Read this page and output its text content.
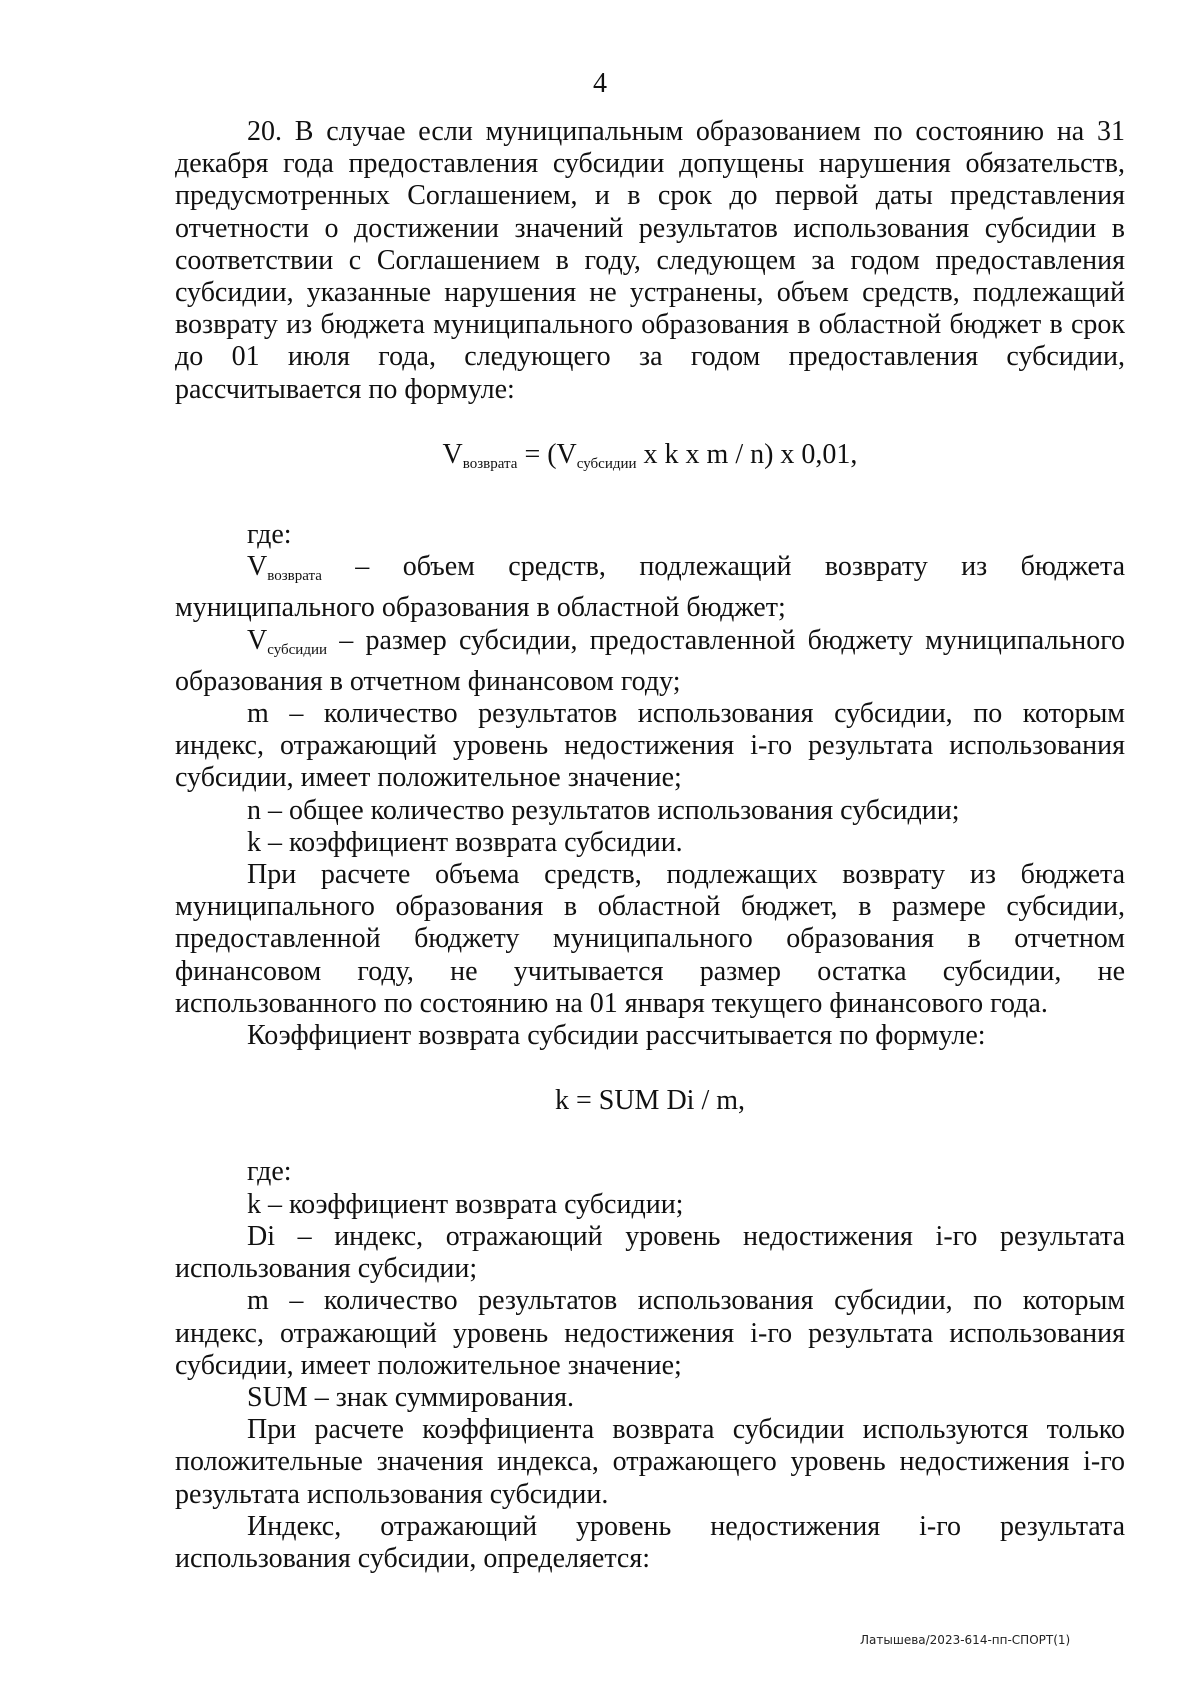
4

20. В случае если муниципальным образованием по состоянию на 31 декабря года предоставления субсидии допущены нарушения обязательств, предусмотренных Соглашением, и в срок до первой даты представления отчетности о достижении значений результатов использования субсидии в соответствии с Соглашением в году, следующем за годом предоставления субсидии, указанные нарушения не устранены, объем средств, подлежащий возврату из бюджета муниципального образования в областной бюджет в срок до 01 июля года, следующего за годом предоставления субсидии, рассчитывается по формуле:

$V_{возврата} = (V_{субсидии}$ x k x m / n) x 0,01,

где:

$V_{возврата}$ – объем средств, подлежащий возврату из бюджета муниципального образования в областной бюджет;

$V_{субсидии}$ – размер субсидии, предоставленной бюджету муниципального образования в отчетном финансовом году;

m – количество результатов использования субсидии, по которым индекс, отражающий уровень недостижения i-го результата использования субсидии, имеет положительное значение;

n – общее количество результатов использования субсидии;

k – коэффициент возврата субсидии.

При расчете объема средств, подлежащих возврату из бюджета муниципального образования в областной бюджет, в размере субсидии, предоставленной бюджету муниципального образования в отчетном финансовом году, не учитывается размер остатка субсидии, не использованного по состоянию на 01 января текущего финансового года.

Коэффициент возврата субсидии рассчитывается по формуле:

k = SUM Di / m,

где:

k – коэффициент возврата субсидии;

Di – индекс, отражающий уровень недостижения i-го результата использования субсидии;

m – количество результатов использования субсидии, по которым индекс, отражающий уровень недостижения i-го результата использования субсидии, имеет положительное значение;

SUM – знак суммирования.

При расчете коэффициента возврата субсидии используются только положительные значения индекса, отражающего уровень недостижения i-го результата использования субсидии.

Индекс, отражающий уровень недостижения i-го результата использования субсидии, определяется:

Латышева/2023-614-пп-СПОРТ(1)
